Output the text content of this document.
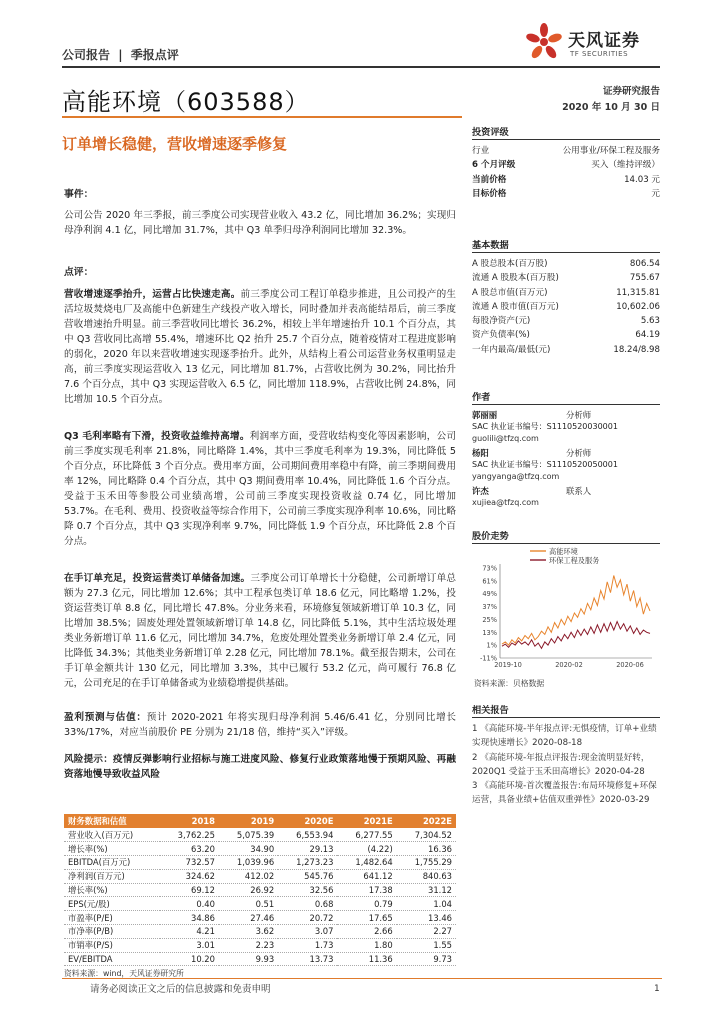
公司报告 | 季报点评
天风证券
TF SECURITIES
证券研究报告
2020 年 10 月 30 日
高能环境（603588）
订单增长稳健，营收增速逐季修复
事件：
公司公告 2020 年三季报，前三季度公司实现营业收入 43.2 亿，同比增加 36.2%；实现归母净利润 4.1 亿，同比增加 31.7%，其中 Q3 单季归母净利润同比增加 32.3%。
点评：
营收增速逐季抬升，运营占比快速走高。前三季度公司工程订单稳步推进，且公司投产的生活垃圾焚烧电厂及高能中色新建生产线投产收入增长，同时叠加并表高能结昂后，前三季度营收增速抬升明显。前三季营收同比增长 36.2%，相较上半年增速抬升 10.1 个百分点，其中 Q3 营收同比高增 55.4%，增速环比 Q2 抬升 25.7 个百分点，随着疫情对工程进度影响的弱化，2020 年以来营收增速实现逐季抬升。此外，从结构上看公司运营业务权重明显走高，前三季度实现运营收入 13 亿元，同比增加 81.7%，占营收比例为 30.2%，同比抬升 7.6 个百分点，其中 Q3 实现运营收入 6.5 亿，同比增加 118.9%，占营收比例 24.8%，同比增加 10.5 个百分点。
Q3 毛利率略有下滑，投资收益维持高增。利润率方面，受营收结构变化等因素影响，公司前三季度实现毛利率 21.8%，同比略降 1.4%，其中三季度毛利率为 19.3%，同比降低 5 个百分点，环比降低 3 个百分点。费用率方面，公司期间费用率稳中有降，前三季期间费用率 12%，同比略降 0.4 个百分点，其中 Q3 期间费用率 10.4%，同比降低 1.6 个百分点。受益于玉禾田等参股公司业绩高增，公司前三季度实现投资收益 0.74 亿，同比增加 53.7%。在毛利、费用、投资收益等综合作用下，公司前三季度实现净利率 10.6%，同比略降 0.7 个百分点，其中 Q3 实现净利率 9.7%，同比降低 1.9 个百分点，环比降低 2.8 个百分点。
在手订单充足，投资运营类订单储备加速。三季度公司订单增长十分稳健，公司新增订单总额为 27.3 亿元，同比增加 12.6%；其中工程承包类订单 18.6 亿元，同比略增 1.2%，投资运营类订单 8.8 亿，同比增长 47.8%。分业务来看，环境修复领域新增订单 10.3 亿，同比增加 38.5%；固废处理处置领域新增订单 14.8 亿，同比降低 5.1%，其中生活垃圾处理类业务新增订单 11.6 亿元，同比增加 34.7%，危废处理处置类业务新增订单 2.4 亿元，同比降低 34.3%；其他类业务新增订单 2.28 亿元，同比增加 78.1%。截至报告期末，公司在手订单金额共计 130 亿元，同比增加 3.3%，其中已履行 53.2 亿元，尚可履行 76.8 亿元，公司充足的在手订单储备或为业绩稳增提供基础。
盈利预测与估值：预计 2020-2021 年将实现归母净利润 5.46/6.41 亿，分别同比增长 33%/17%，对应当前股价 PE 分别为 21/18 倍，维持“买入”评级。
风险提示：疫情反弹影响行业招标与施工进度风险、修复行业政策落地慢于预期风险、再融资落地慢导致收益风险
财务数据和估值	2018	2019	2020E	2021E	2022E
营业收入(百万元)	3,762.25	5,075.39	6,553.94	6,277.55	7,304.52
增长率(%)	63.20	34.90	29.13	(4.22)	16.36
EBITDA(百万元)	732.57	1,039.96	1,273.23	1,482.64	1,755.29
净利润(百万元)	324.62	412.02	545.76	641.12	840.63
增长率(%)	69.12	26.92	32.56	17.38	31.12
EPS(元/股)	0.40	0.51	0.68	0.79	1.04
市盈率(P/E)	34.86	27.46	20.72	17.65	13.46
市净率(P/B)	4.21	3.62	3.07	2.66	2.27
市销率(P/S)	3.01	2.23	1.73	1.80	1.55
EV/EBITDA	10.20	9.93	13.73	11.36	9.73
资料来源：wind，天风证券研究所
投资评级
行业	公用事业/环保工程及服务
6 个月评级	买入（维持评级）
当前价格	14.03 元
目标价格	元
基本数据
A 股总股本(百万股)	806.54
流通 A 股股本(百万股)	755.67
A 股总市值(百万元)	11,315.81
流通 A 股市值(百万元)	10,602.06
每股净资产(元)	5.63
资产负债率(%)	64.19
一年内最高/最低(元)	18.24/8.98
作者
郭丽丽	分析师
SAC 执业证书编号：S1110520030001
guolili@tfzq.com
杨阳	分析师
SAC 执业证书编号：S1110520050001
yangyanga@tfzq.com
许杰	联系人
xujiea@tfzq.com
股价走势
高能环境
环保工程及服务
73%
61%
49%
37%
25%
13%
1%
-11%
2019-10	2020-02	2020-06
资料来源：贝格数据
相关报告
1 《高能环境-半年报点评:无惧疫情，订单+业绩实现快速增长》2020-08-18
2 《高能环境-年报点评报告:现金流明显好转，2020Q1 受益于玉禾田高增长》2020-04-28
3 《高能环境-首次覆盖报告:布局环境修复+环保运营，具备业绩+估值双重弹性》2020-03-29
请务必阅读正文之后的信息披露和免责申明	1
